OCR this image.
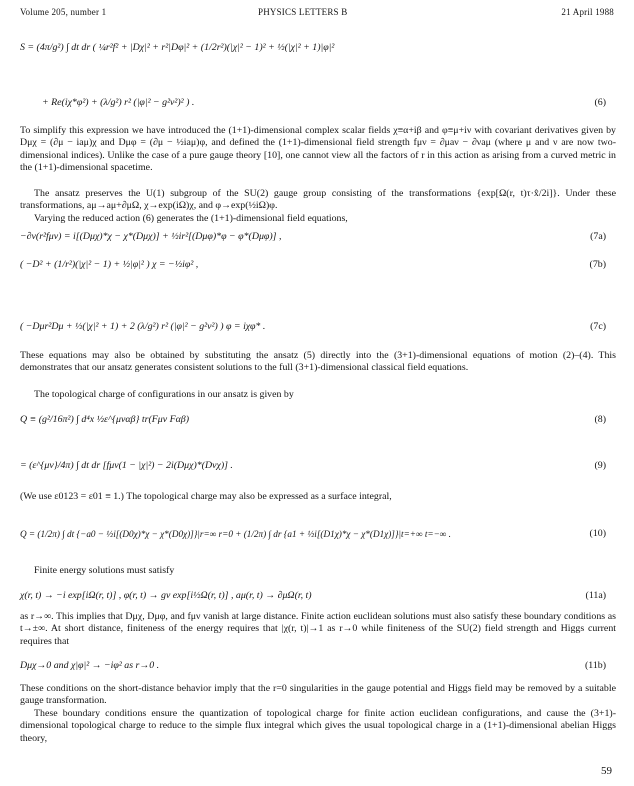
Volume 205, number 1	PHYSICS LETTERS B	21 April 1988
S = (4π/g²) ∫ dt dr ( ¼r²f² + |Dχ|² + r²|Dφ|² + (1/2r²)(|χ|² − 1)² + ½(|χ|² + 1)|φ|²
+ Re(iχ*φ²) + (λ/g²) r² (|φ|² − g²v²)² ) .	(6)
To simplify this expression we have introduced the (1+1)-dimensional complex scalar fields χ≡α+iβ and φ≡μ+iν with covariant derivatives given by Dμχ = (∂μ − iaμ)χ and Dμφ = (∂μ − ½iaμ)φ, and defined the (1+1)-dimensional field strength fμν = ∂μaν − ∂νaμ (where μ and ν are now two-dimensional indices). Unlike the case of a pure gauge theory [10], one cannot view all the factors of r in this action as arising from a curved metric in the (1+1)-dimensional spacetime.
The ansatz preserves the U(1) subgroup of the SU(2) gauge group consisting of the transformations {exp[Ω(r, t)τ·x̂/2i]}. Under these transformations, aμ→aμ+∂μΩ, χ→exp(iΩ)χ, and φ→exp(½iΩ)φ.
Varying the reduced action (6) generates the (1+1)-dimensional field equations,
−∂ν(r²fμν) = i[(Dμχ)*χ − χ*(Dμχ)] + ½ir²[(Dμφ)*φ − φ*(Dμφ)] ,	(7a)
( −D² + (1/r²)(|χ|² − 1) + ½|φ|² ) χ = −½iφ² ,	(7b)
( −Dμr²Dμ + ½(|χ|² + 1) + 2 (λ/g²) r² (|φ|² − g²v²) ) φ = iχφ* .	(7c)
These equations may also be obtained by substituting the ansatz (5) directly into the (3+1)-dimensional equations of motion (2)–(4). This demonstrates that our ansatz generates consistent solutions to the full (3+1)-dimensional classical field equations.
The topological charge of configurations in our ansatz is given by
Q ≡ (g²/16π²) ∫ d⁴x ½ε^{μναβ} tr(Fμν Fαβ)	(8)
= (ε^{μν}/4π) ∫ dt dr [fμν(1 − |χ|²) − 2i(Dμχ)*(Dνχ)] .	(9)
(We use ε0123 = ε01 ≡ 1.) The topological charge may also be expressed as a surface integral,
Q = (1/2π) ∫ dt {−a0 − ½i[(D0χ)*χ − χ*(D0χ)]}|r=∞ r=0 + (1/2π) ∫ dr {a1 + ½i[(D1χ)*χ − χ*(D1χ)]}|t=+∞ t=−∞ .	(10)
Finite energy solutions must satisfy
χ(r, t) → −i exp[iΩ(r, t)] , φ(r, t) → gv exp[i½Ω(r, t)] , aμ(r, t) → ∂μΩ(r, t)	(11a)
as r→∞. This implies that Dμχ, Dμφ, and fμν vanish at large distance. Finite action euclidean solutions must also satisfy these boundary conditions as t→±∞. At short distance, finiteness of the energy requires that |χ(r, t)|→1 as r→0 while finiteness of the SU(2) field strength and Higgs current requires that
Dμχ→0 and χ|φ|² → −iφ² as r→0 .	(11b)
These conditions on the short-distance behavior imply that the r=0 singularities in the gauge potential and Higgs field may be removed by a suitable gauge transformation.
These boundary conditions ensure the quantization of topological charge for finite action euclidean configurations, and cause the (3+1)-dimensional topological charge to reduce to the simple flux integral which gives the usual topological charge in a (1+1)-dimensional abelian Higgs theory,
59
